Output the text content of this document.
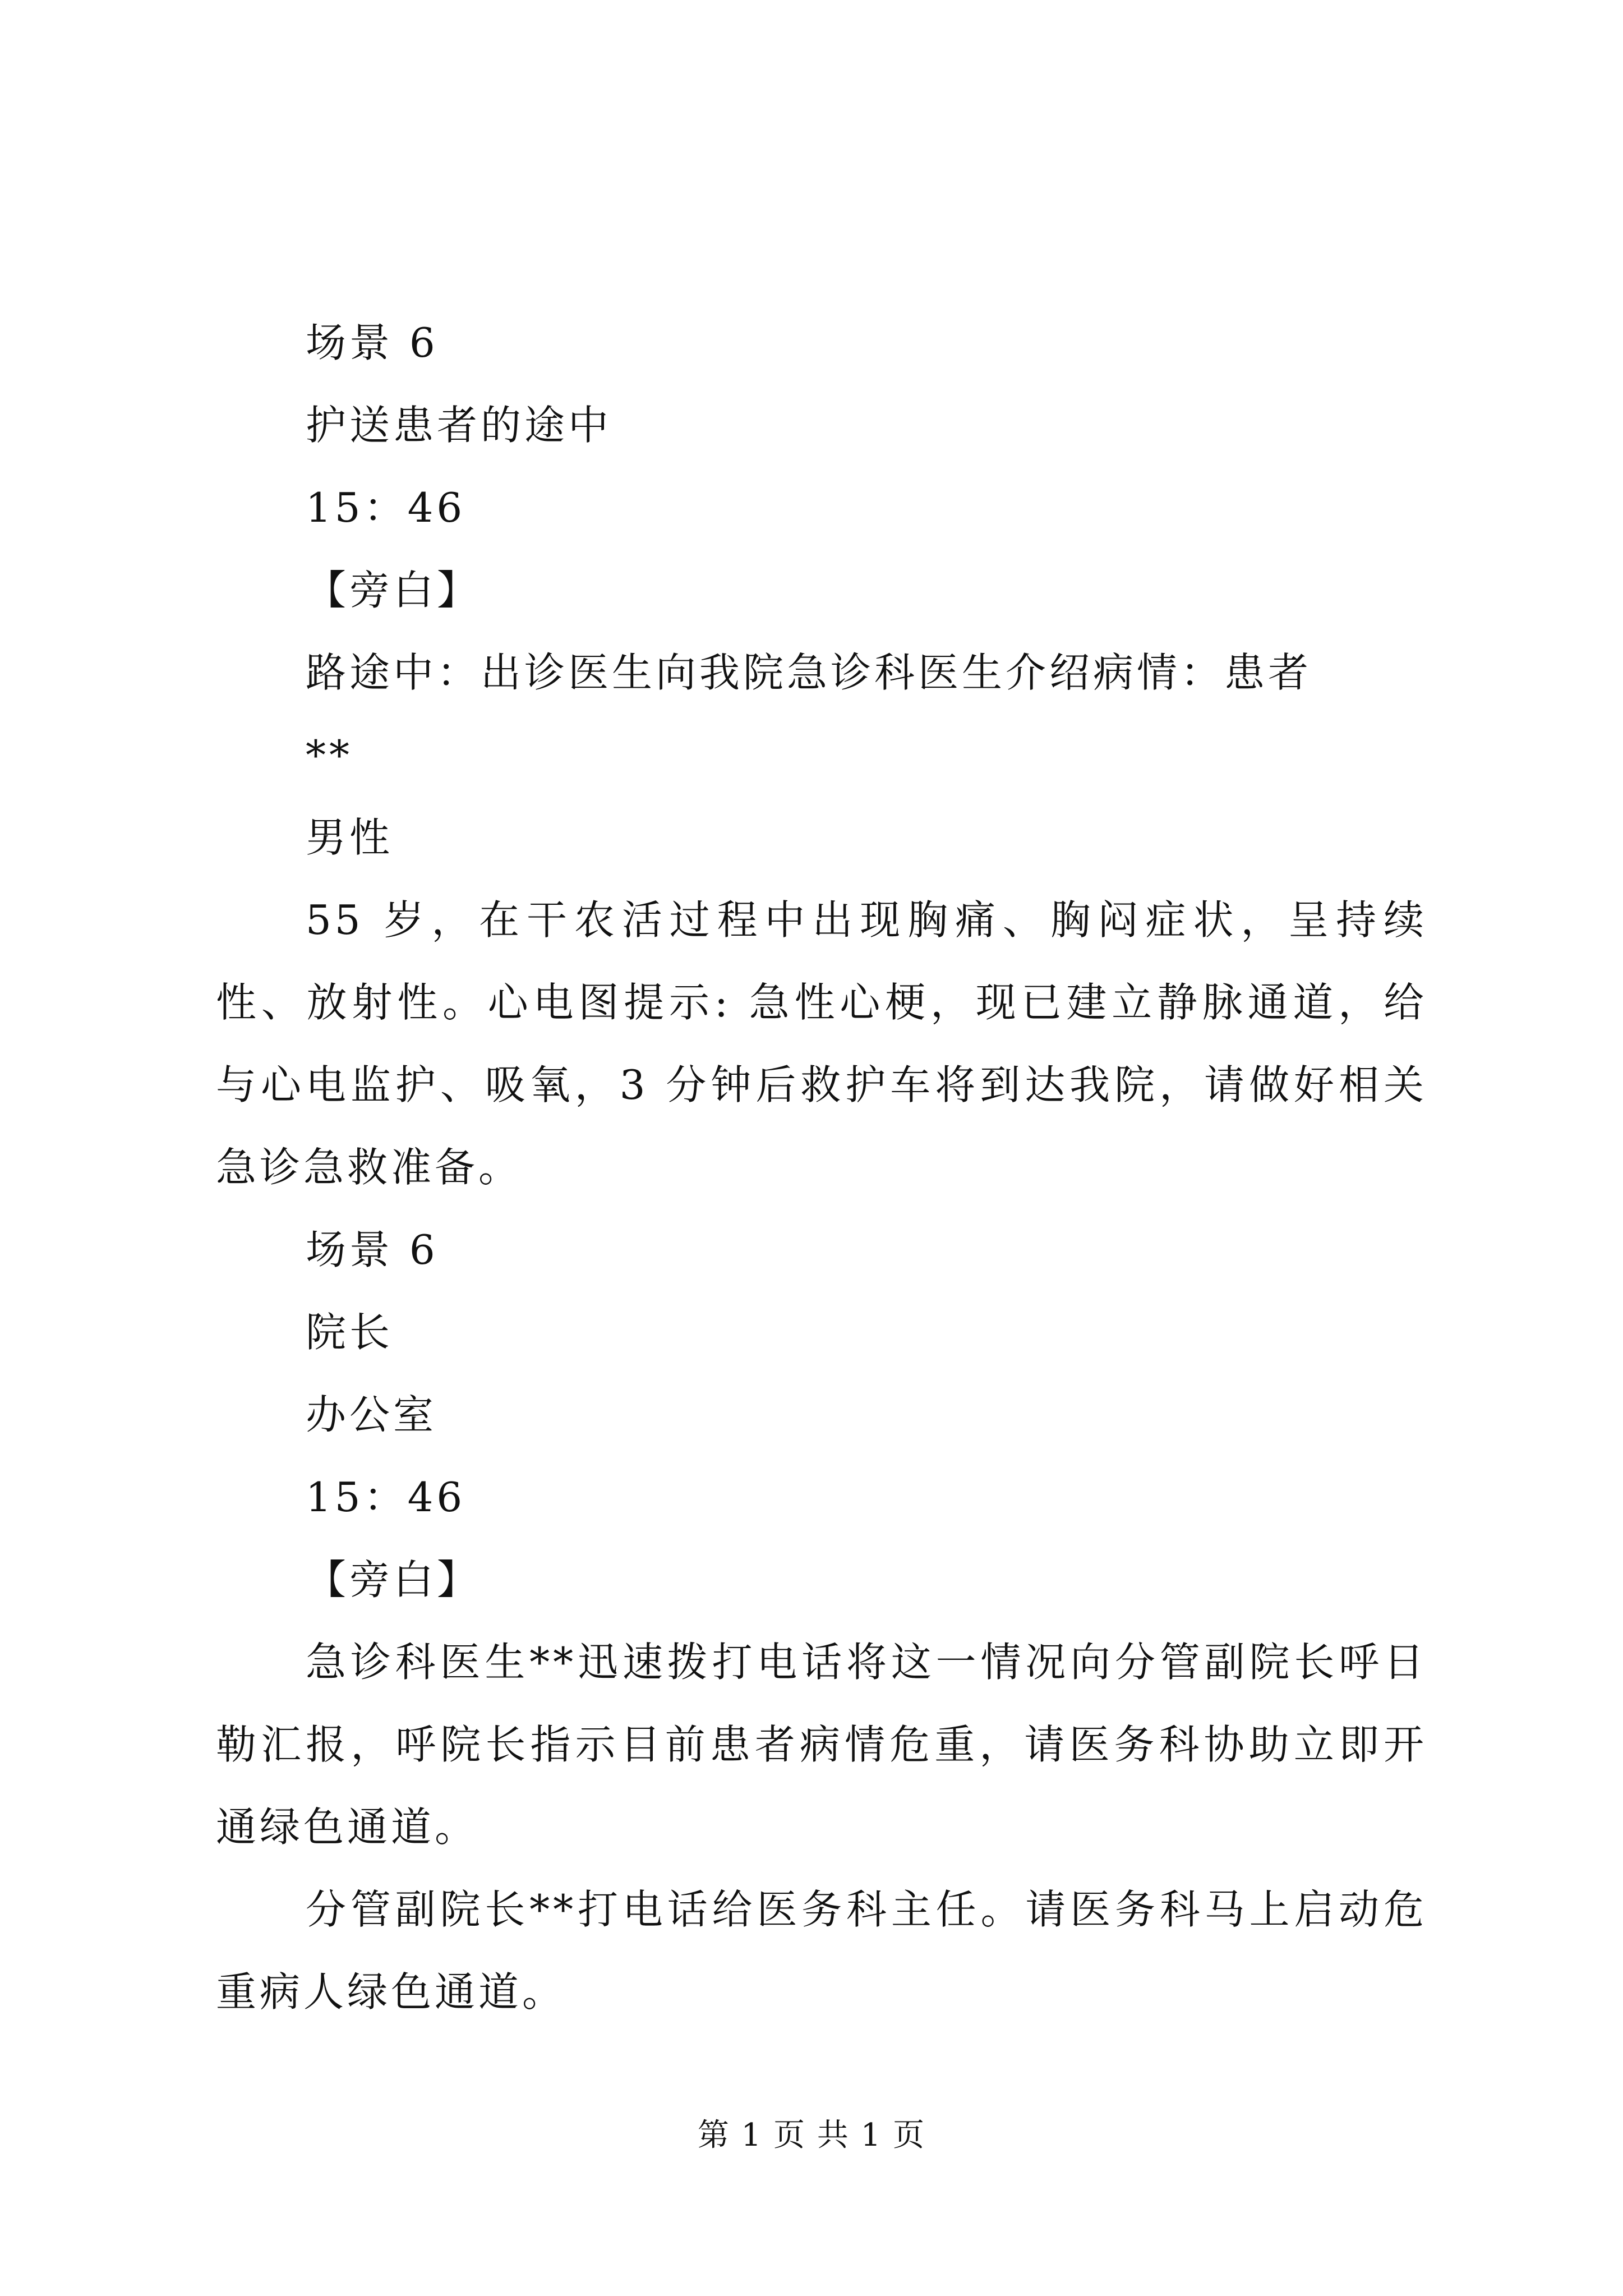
场景 6
护送患者的途中
15：46
【旁白】
路途中：出诊医生向我院急诊科医生介绍病情：患者
**
男性
55 岁，在干农活过程中出现胸痛、胸闷症状，呈持续性、放射性。心电图提示: 急性心梗，现已建立静脉通道，给与心电监护、吸氧，3 分钟后救护车将到达我院，请做好相关急诊急救准备。
场景 6
院长
办公室
15：46
【旁白】
急诊科医生**迅速拨打电话将这一情况向分管副院长呼日勒汇报，呼院长指示目前患者病情危重，请医务科协助立即开通绿色通道。
分管副院长**打电话给医务科主任。请医务科马上启动危重病人绿色通道。
第 1 页 共 1 页
